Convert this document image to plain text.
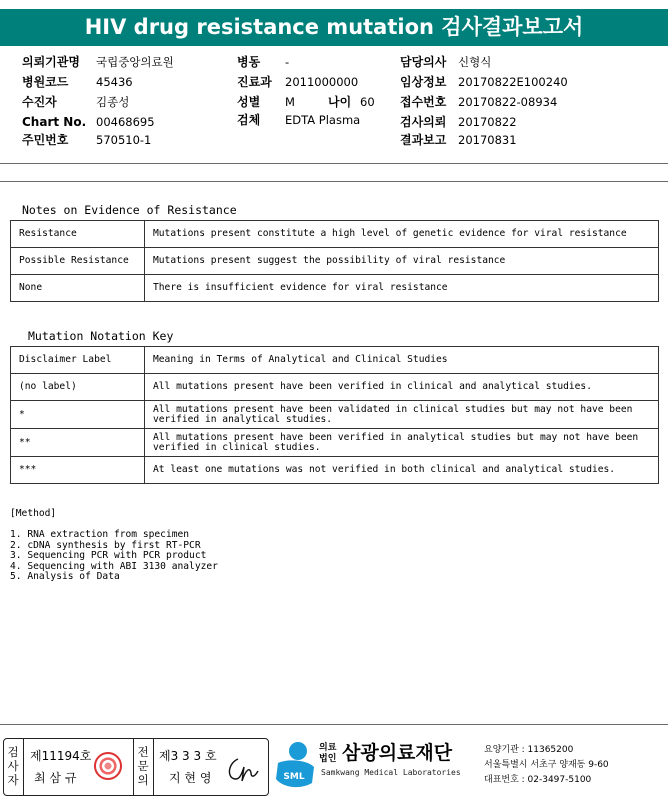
HIV drug resistance mutation 검사결과보고서
의뢰기관명 국립중앙의료원
병원코드 45436
수진자	김종성
Chart No. 00468695
주민번호 570510-1
병동 -
진료과 2011000000
성별 M	나이 60
검체 EDTA Plasma
담당의사 신형식
임상정보 20170822E100240
접수번호 20170822-08934
검사의뢰 20170822
결과보고 20170831
Notes on Evidence of Resistance
Resistance	Mutations present constitute a high level of genetic evidence for viral resistance
Possible Resistance	Mutations present suggest the possibility of viral resistance
None	There is insufficient evidence for viral resistance
Mutation Notation Key
Disclaimer Label	Meaning in Terms of Analytical and Clinical Studies
(no label)	All mutations present have been verified in clinical and analytical studies.
*	All mutations present have been validated in clinical studies but may not have been verified in analytical studies.
**	All mutations present have been verified in analytical studies but may not have been verified in clinical studies.
***	At least one mutations was not verified in both clinical and analytical studies.
[Method]
1. RNA extraction from specimen
2. cDNA synthesis by first RT-PCR
3. Sequencing PCR with PCR product
4. Sequencing with ABI 3130 analyzer
5. Analysis of Data
검사자
제11194호
최 삼 규
전문의
제3 3 3 호
지 현 영	SML
의료법인 삼광의료재단
Samkwang Medical Laboratories
요양기관 : 11365200
서울특별시 서초구 양재동 9-60
대표번호 : 02-3497-5100
